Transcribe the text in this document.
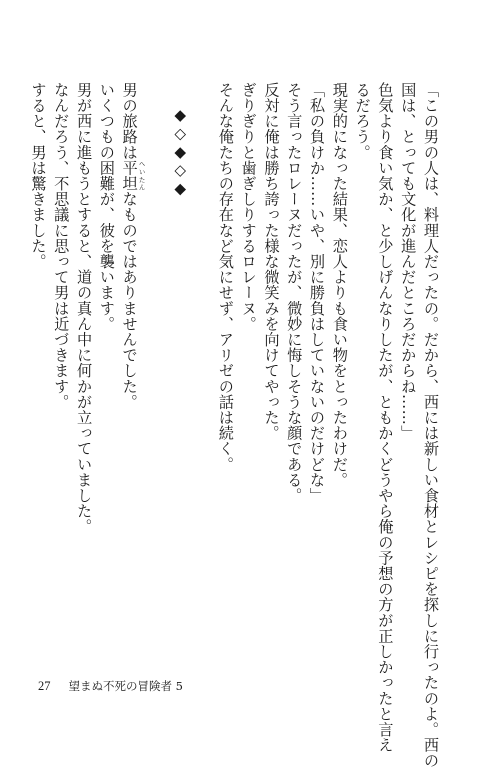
「この男の人は、料理人だったの。だから、西には新しい食材とレシピを探しに行ったのよ。西の
国は、とっても文化が進んだところだからね……」
色気より食い気か、と少しげんなりしたが、ともかくどうやら俺の予想の方が正しかったと言え
るだろう。
現実的になった結果、恋人よりも食い物をとったわけだ。
「私の負けか……いや、別に勝負はしていないのだけどな」
そう言ったロレーヌだったが、微妙に悔しそうな顔である。
反対に俺は勝ち誇った様な微笑みを向けてやった。
ぎりぎりと歯ぎしりするロレーヌ。
そんな俺たちの存在など気にせず、アリゼの話は続く。
◆◇◆◇◆
男の旅路は平坦 へいたんなものではありませんでした。
いくつもの困難が、彼を襲います。
男が西に進もうとすると、道の真ん中に何かが立っていました。
なんだろう、不思議に思って男は近づきます。
すると、男は驚きました。
27 望まぬ不死の冒険者 5
